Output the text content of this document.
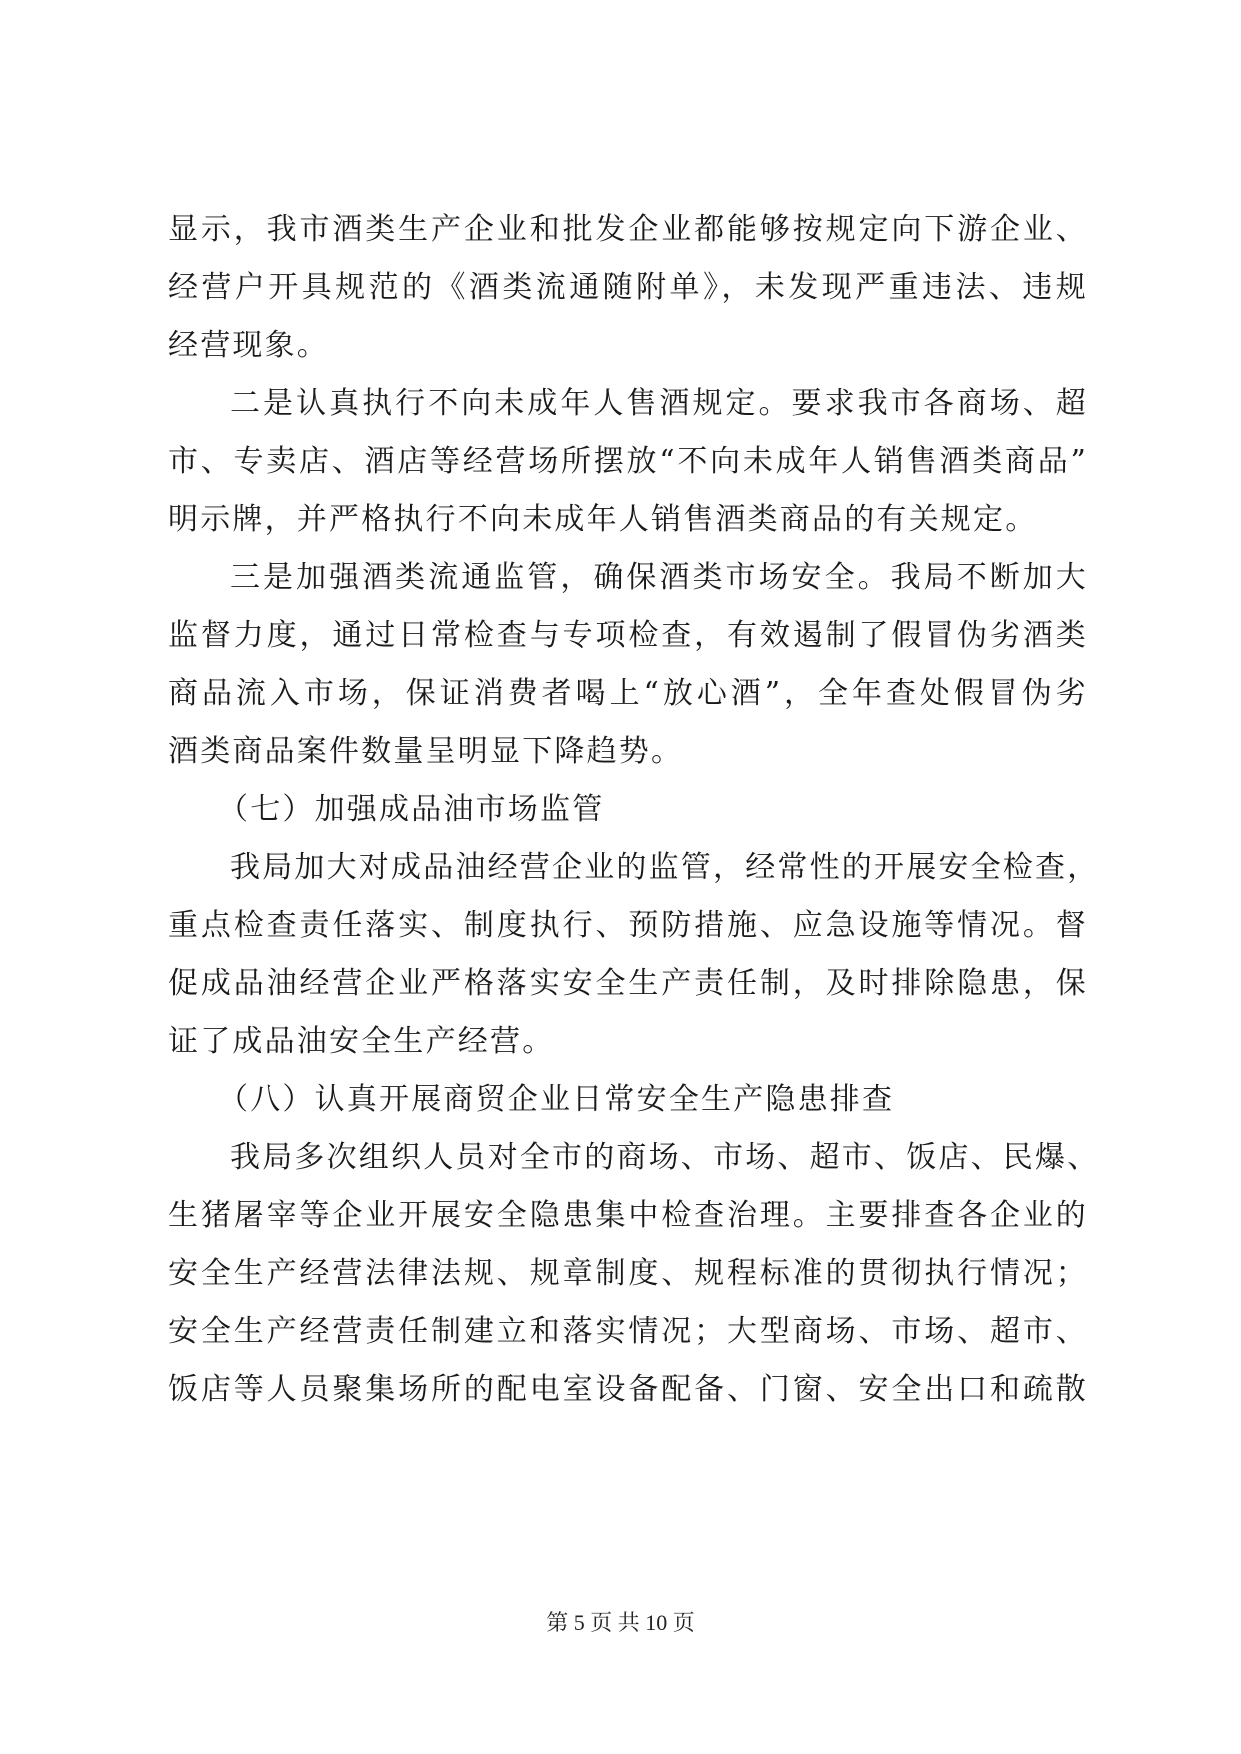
显示，我市酒类生产企业和批发企业都能够按规定向下游企业、
经营户开具规范的《酒类流通随附单》，未发现严重违法、违规
经营现象。
二是认真执行不向未成年人售酒规定。要求我市各商场、超
市、专卖店、酒店等经营场所摆放“不向未成年人销售酒类商品”
明示牌，并严格执行不向未成年人销售酒类商品的有关规定。
三是加强酒类流通监管，确保酒类市场安全。我局不断加大
监督力度，通过日常检查与专项检查，有效遏制了假冒伪劣酒类
商品流入市场，保证消费者喝上“放心酒”，全年查处假冒伪劣
酒类商品案件数量呈明显下降趋势。
（七）加强成品油市场监管
我局加大对成品油经营企业的监管，经常性的开展安全检查，
重点检查责任落实、制度执行、预防措施、应急设施等情况。督
促成品油经营企业严格落实安全生产责任制，及时排除隐患，保
证了成品油安全生产经营。
（八）认真开展商贸企业日常安全生产隐患排查
我局多次组织人员对全市的商场、市场、超市、饭店、民爆、
生猪屠宰等企业开展安全隐患集中检查治理。主要排查各企业的
安全生产经营法律法规、规章制度、规程标准的贯彻执行情况；
安全生产经营责任制建立和落实情况；大型商场、市场、超市、
饭店等人员聚集场所的配电室设备配备、门窗、安全出口和疏散
第 5 页 共 10 页
